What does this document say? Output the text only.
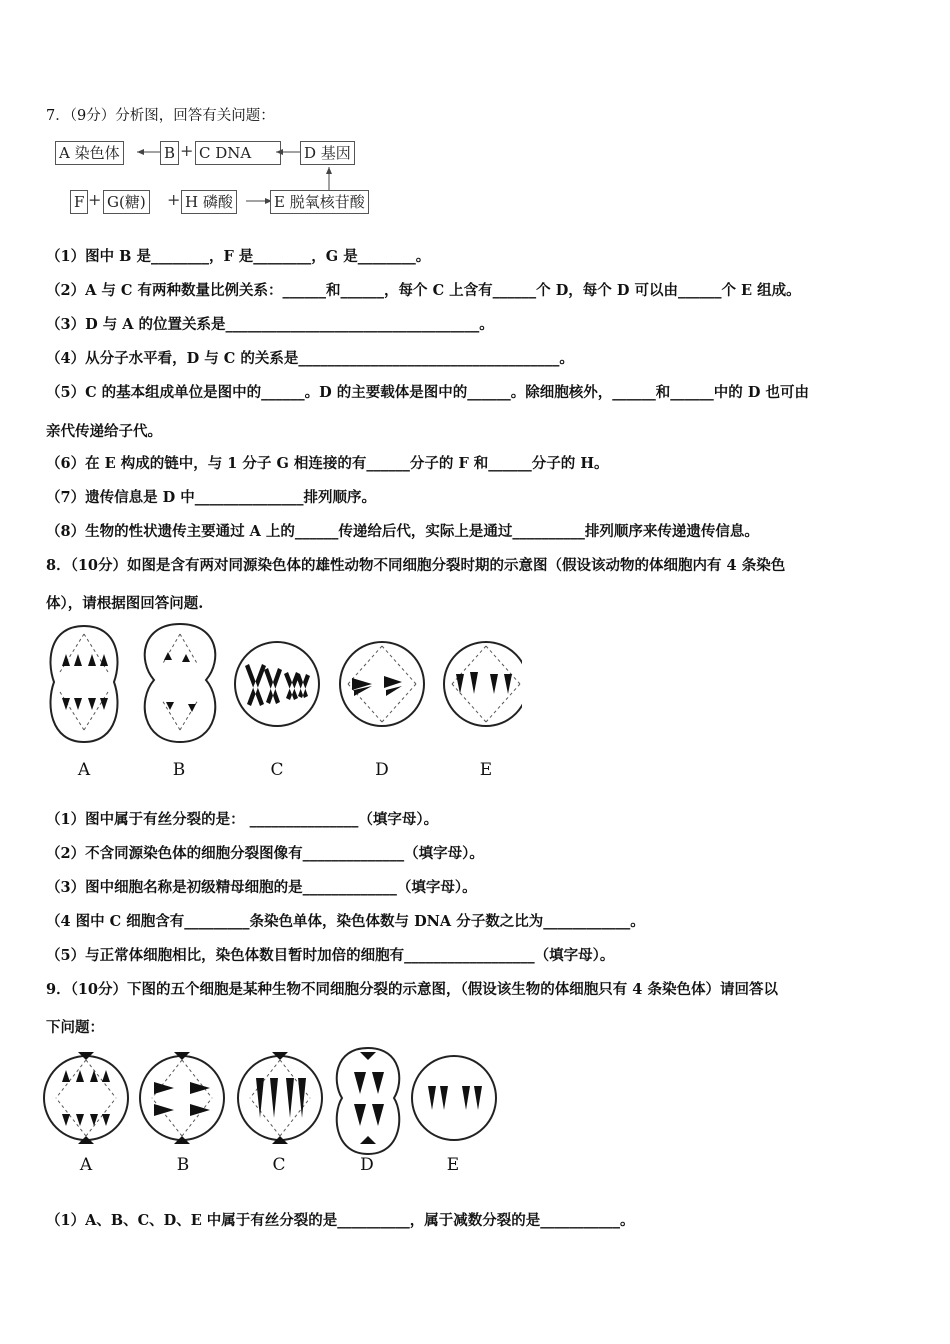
7．（9分）分析图，回答有关问题：
A 染色体	B + C DNA	D 基因
F + G(糖) + H 磷酸	E 脱氧核苷酸
（1）图中 B 是________，F 是________，G 是________。
（2）A 与 C 有两种数量比例关系：______和______，每个 C 上含有______个 D，每个 D 可以由______个 E 组成。
（3）D 与 A 的位置关系是___________________________________。
（4）从分子水平看，D 与 C 的关系是____________________________________。
（5）C 的基本组成单位是图中的______。D 的主要载体是图中的______。除细胞核外，______和______中的 D 也可由
亲代传递给子代。
（6）在 E 构成的链中，与 1 分子 G 相连接的有______分子的 F 和______分子的 H。
（7）遗传信息是 D 中_______________排列顺序。
（8）生物的性状遗传主要通过 A 上的______传递给后代，实际上是通过__________排列顺序来传递遗传信息。
8．（10分）如图是含有两对同源染色体的雄性动物不同细胞分裂时期的示意图（假设该动物的体细胞内有 4 条染色
体），请根据图回答问题.
A	B	C	D	E
（1）图中属于有丝分裂的是： _______________（填字母）。
（2）不含同源染色体的细胞分裂图像有______________（填字母）。
（3）图中细胞名称是初级精母细胞的是_____________（填字母）。
（4 图中 C 细胞含有_________条染色单体，染色体数与 DNA 分子数之比为____________。
（5）与正常体细胞相比，染色体数目暂时加倍的细胞有__________________（填字母）。
9．（10分）下图的五个细胞是某种生物不同细胞分裂的示意图，（假设该生物的体细胞只有 4 条染色体）请回答以
下问题：
A	B	C	D	E
（1）A、B、C、D、E 中属于有丝分裂的是__________，属于减数分裂的是___________。
